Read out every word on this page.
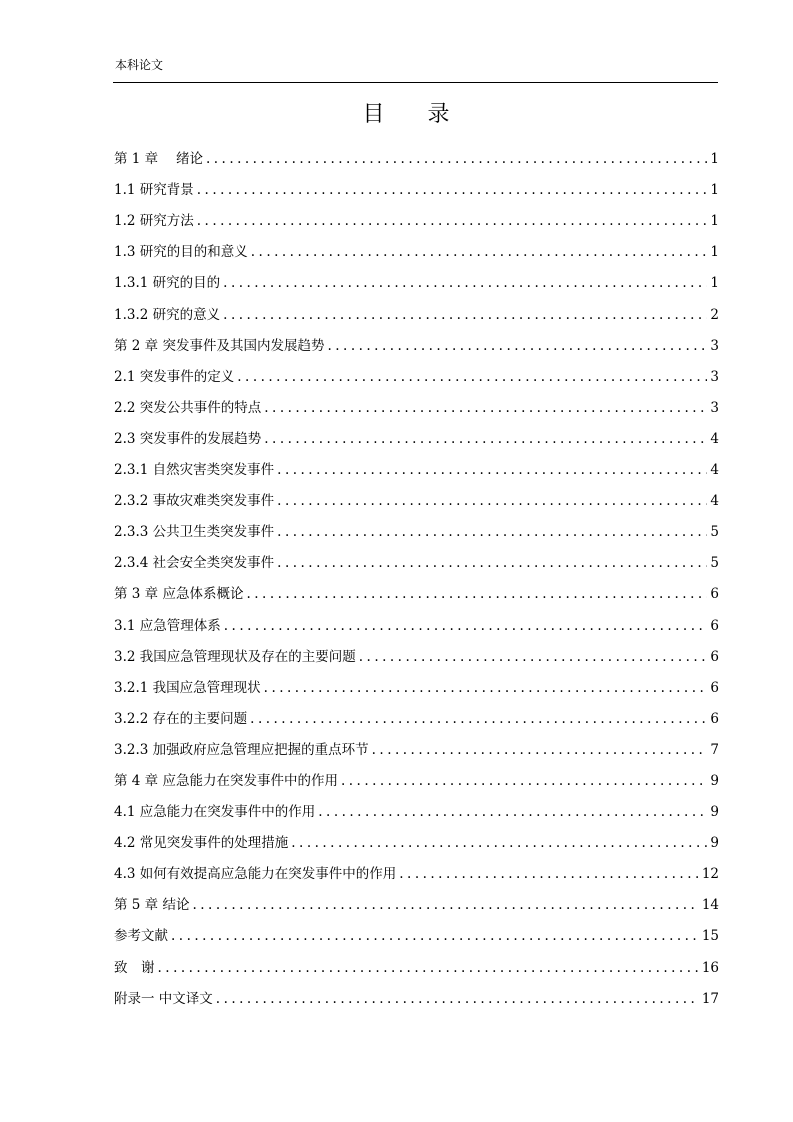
本科论文
目 录
第 1 章　 绪论 . . .	1
1.1 研究背景 . . .	1
1.2 研究方法 . . .	1
1.3 研究的目的和意义 . . .	1
1.3.1 研究的目的 . . .	1
1.3.2 研究的意义 . . .	2
第 2 章 突发事件及其国内发展趋势 . . .	3
2.1 突发事件的定义 . . .	3
2.2 突发公共事件的特点 . . .	3
2.3 突发事件的发展趋势 . . .	4
2.3.1 自然灾害类突发事件 . . .	4
2.3.2 事故灾难类突发事件 . . .	4
2.3.3 公共卫生类突发事件 . . .	5
2.3.4 社会安全类突发事件 . . .	5
第 3 章 应急体系概论 . . .	6
3.1 应急管理体系 . . .	6
3.2 我国应急管理现状及存在的主要问题 . . .	6
3.2.1 我国应急管理现状 . . .	6
3.2.2 存在的主要问题 . . .	6
3.2.3 加强政府应急管理应把握的重点环节 . . .	7
第 4 章 应急能力在突发事件中的作用 . . .	9
4.1 应急能力在突发事件中的作用 . . .	9
4.2 常见突发事件的处理措施 . . .	9
4.3 如何有效提高应急能力在突发事件中的作用 . . .	12
第 5 章 结论 . . .	14
参考文献 . . .	15
致　谢 . . .	16
附录一 中文译文 . . .	17
